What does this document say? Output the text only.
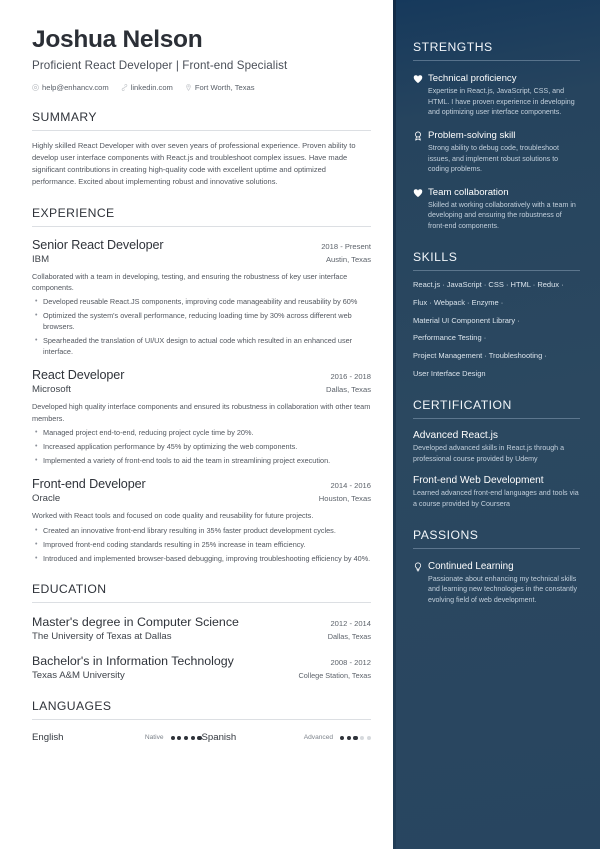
Joshua Nelson
Proficient React Developer | Front-end Specialist
help@enhancv.com	linkedin.com	Fort Worth, Texas
SUMMARY
Highly skilled React Developer with over seven years of professional experience. Proven ability to develop user interface components with React.js and troubleshoot complex issues. Have made significant contributions in creating high-quality code with excellent uptime and optimized performance. Excited about implementing robust and innovative solutions.
EXPERIENCE
Senior React Developer	2018 - Present
IBM	Austin, Texas
Collaborated with a team in developing, testing, and ensuring the robustness of key user interface components.
• Developed reusable React.JS components, improving code manageability and reusability by 60%
• Optimized the system's overall performance, reducing loading time by 30% across different web browsers.
• Spearheaded the translation of UI/UX design to actual code which resulted in an enhanced user interface.
React Developer	2016 - 2018
Microsoft	Dallas, Texas
Developed high quality interface components and ensured its robustness in collaboration with other team members.
• Managed project end-to-end, reducing project cycle time by 20%.
• Increased application performance by 45% by optimizing the web components.
• Implemented a variety of front-end tools to aid the team in streamlining project execution.
Front-end Developer	2014 - 2016
Oracle	Houston, Texas
Worked with React tools and focused on code quality and reusability for future projects.
• Created an innovative front-end library resulting in 35% faster product development cycles.
• Improved front-end coding standards resulting in 25% increase in team efficiency.
• Introduced and implemented browser-based debugging, improving troubleshooting efficiency by 40%.
EDUCATION
Master's degree in Computer Science	2012 - 2014
The University of Texas at Dallas	Dallas, Texas
Bachelor's in Information Technology	2008 - 2012
Texas A&M University	College Station, Texas
LANGUAGES
English	Native	Spanish	Advanced
STRENGTHS
Technical proficiency
Expertise in React.js, JavaScript, CSS, and HTML. I have proven experience in developing and optimizing user interface components.
Problem-solving skill
Strong ability to debug code, troubleshoot issues, and implement robust solutions to coding problems.
Team collaboration
Skilled at working collaboratively with a team in developing and ensuring the robustness of front-end components.
SKILLS
React.js · JavaScript · CSS · HTML · Redux ·
Flux · Webpack · Enzyme ·
Material UI Component Library ·
Performance Testing ·
Project Management · Troubleshooting ·
User Interface Design
CERTIFICATION
Advanced React.js
Developed advanced skills in React.js through a professional course provided by Udemy
Front-end Web Development
Learned advanced front-end languages and tools via a course provided by Coursera
PASSIONS
Continued Learning
Passionate about enhancing my technical skills and learning new technologies in the constantly evolving field of web development.
